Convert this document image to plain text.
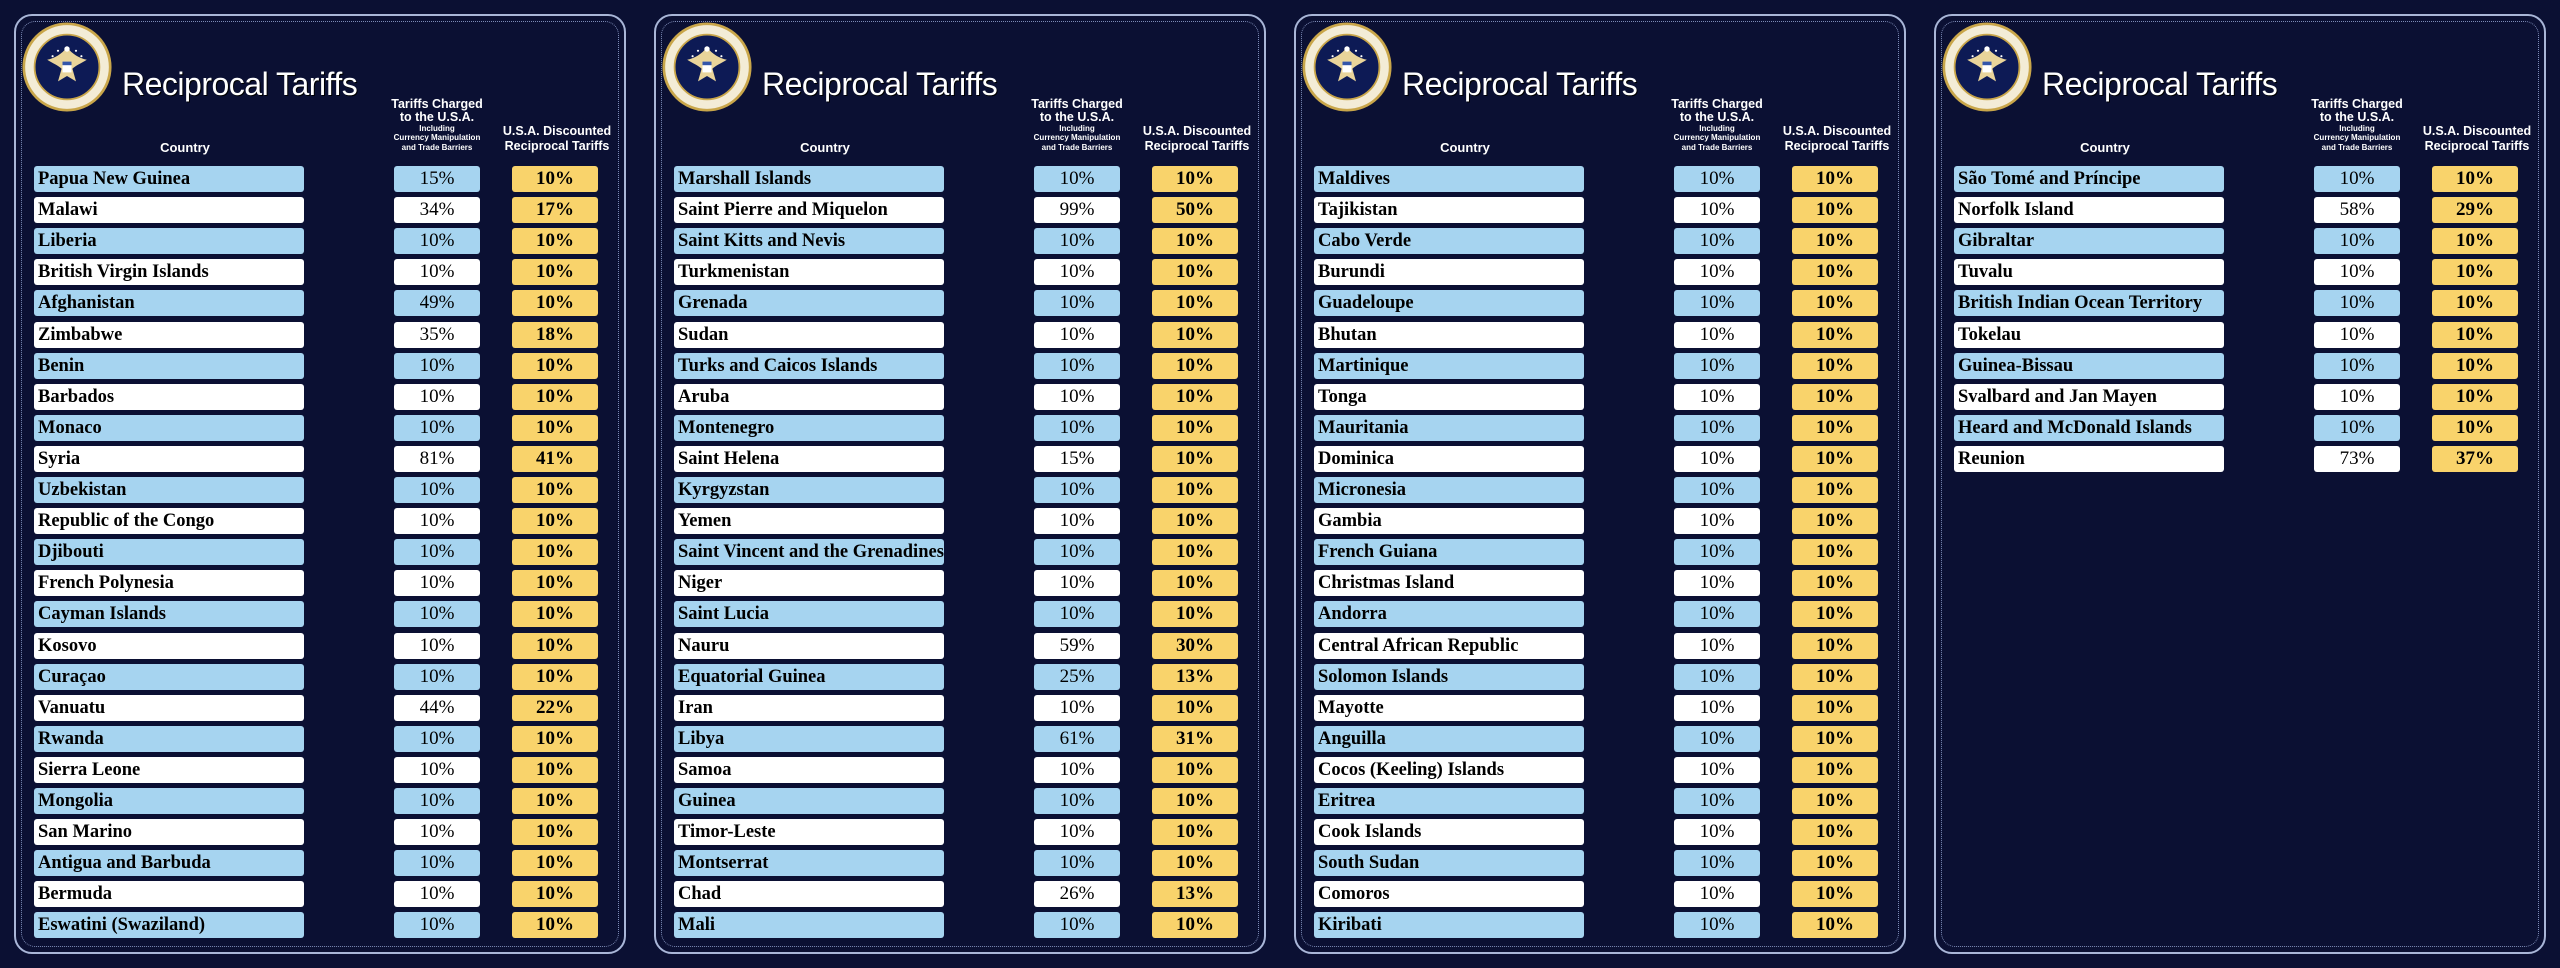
Reciprocal Tariffs
Tariffs Charged
to the U.S.A.
Including
Currency Manipulation
and Trade Barriers
U.S.A. Discounted
Reciprocal Tariffs
Country
Papua New Guinea	15%	10%
Malawi	34%	17%
Liberia	10%	10%
British Virgin Islands	10%	10%
Afghanistan	49%	10%
Zimbabwe	35%	18%
Benin	10%	10%
Barbados	10%	10%
Monaco	10%	10%
Syria	81%	41%
Uzbekistan	10%	10%
Republic of the Congo	10%	10%
Djibouti	10%	10%
French Polynesia	10%	10%
Cayman Islands	10%	10%
Kosovo	10%	10%
Curaçao	10%	10%
Vanuatu	44%	22%
Rwanda	10%	10%
Sierra Leone	10%	10%
Mongolia	10%	10%
San Marino	10%	10%
Antigua and Barbuda	10%	10%
Bermuda	10%	10%
Eswatini (Swaziland)	10%	10%
Reciprocal Tariffs
Tariffs Charged
to the U.S.A.
Including
Currency Manipulation
and Trade Barriers
U.S.A. Discounted
Reciprocal Tariffs
Country
Marshall Islands	10%	10%
Saint Pierre and Miquelon	99%	50%
Saint Kitts and Nevis	10%	10%
Turkmenistan	10%	10%
Grenada	10%	10%
Sudan	10%	10%
Turks and Caicos Islands	10%	10%
Aruba	10%	10%
Montenegro	10%	10%
Saint Helena	15%	10%
Kyrgyzstan	10%	10%
Yemen	10%	10%
Saint Vincent and the Grenadines	10%	10%
Niger	10%	10%
Saint Lucia	10%	10%
Nauru	59%	30%
Equatorial Guinea	25%	13%
Iran	10%	10%
Libya	61%	31%
Samoa	10%	10%
Guinea	10%	10%
Timor-Leste	10%	10%
Montserrat	10%	10%
Chad	26%	13%
Mali	10%	10%
Reciprocal Tariffs
Tariffs Charged
to the U.S.A.
Including
Currency Manipulation
and Trade Barriers
U.S.A. Discounted
Reciprocal Tariffs
Country
Maldives	10%	10%
Tajikistan	10%	10%
Cabo Verde	10%	10%
Burundi	10%	10%
Guadeloupe	10%	10%
Bhutan	10%	10%
Martinique	10%	10%
Tonga	10%	10%
Mauritania	10%	10%
Dominica	10%	10%
Micronesia	10%	10%
Gambia	10%	10%
French Guiana	10%	10%
Christmas Island	10%	10%
Andorra	10%	10%
Central African Republic	10%	10%
Solomon Islands	10%	10%
Mayotte	10%	10%
Anguilla	10%	10%
Cocos (Keeling) Islands	10%	10%
Eritrea	10%	10%
Cook Islands	10%	10%
South Sudan	10%	10%
Comoros	10%	10%
Kiribati	10%	10%
Reciprocal Tariffs
Tariffs Charged
to the U.S.A.
Including
Currency Manipulation
and Trade Barriers
U.S.A. Discounted
Reciprocal Tariffs
Country
São Tomé and Príncipe	10%	10%
Norfolk Island	58%	29%
Gibraltar	10%	10%
Tuvalu	10%	10%
British Indian Ocean Territory	10%	10%
Tokelau	10%	10%
Guinea-Bissau	10%	10%
Svalbard and Jan Mayen	10%	10%
Heard and McDonald Islands	10%	10%
Reunion	73%	37%
